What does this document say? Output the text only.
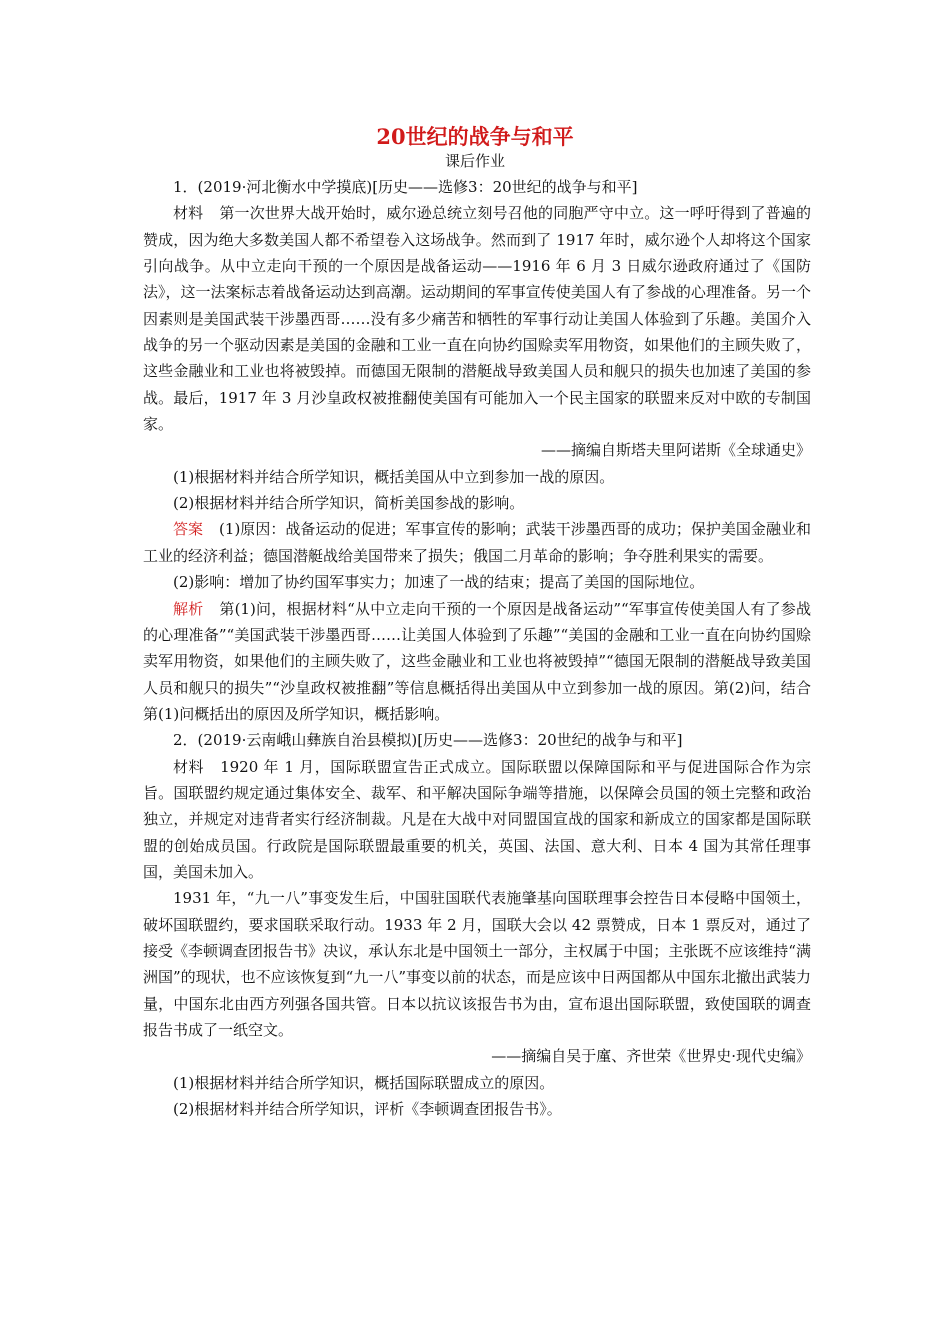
20世纪的战争与和平
课后作业

1．(2019·河北衡水中学摸底)[历史——选修3：20世纪的战争与和平]

材料 第一次世界大战开始时，威尔逊总统立刻号召他的同胞严守中立。这一呼吁得到了普遍的赞成，因为绝大多数美国人都不希望卷入这场战争。然而到了 1917 年时，威尔逊个人却将这个国家引向战争。从中立走向干预的一个原因是战备运动——1916 年 6 月 3 日威尔逊政府通过了《国防法》，这一法案标志着战备运动达到高潮。运动期间的军事宣传使美国人有了参战的心理准备。另一个因素则是美国武装干涉墨西哥……没有多少痛苦和牺牲的军事行动让美国人体验到了乐趣。美国介入战争的另一个驱动因素是美国的金融和工业一直在向协约国赊卖军用物资，如果他们的主顾失败了，这些金融业和工业也将被毁掉。而德国无限制的潜艇战导致美国人员和舰只的损失也加速了美国的参战。最后，1917 年 3 月沙皇政权被推翻使美国有可能加入一个民主国家的联盟来反对中欧的专制国家。

——摘编自斯塔夫里阿诺斯《全球通史》

(1)根据材料并结合所学知识，概括美国从中立到参加一战的原因。

(2)根据材料并结合所学知识，简析美国参战的影响。

答案 (1)原因：战备运动的促进；军事宣传的影响；武装干涉墨西哥的成功；保护美国金融业和工业的经济利益；德国潜艇战给美国带来了损失；俄国二月革命的影响；争夺胜利果实的需要。

(2)影响：增加了协约国军事实力；加速了一战的结束；提高了美国的国际地位。

解析 第(1)问，根据材料“从中立走向干预的一个原因是战备运动”“军事宣传使美国人有了参战的心理准备”“美国武装干涉墨西哥……让美国人体验到了乐趣”“美国的金融和工业一直在向协约国赊卖军用物资，如果他们的主顾失败了，这些金融业和工业也将被毁掉”“德国无限制的潜艇战导致美国人员和舰只的损失”“沙皇政权被推翻”等信息概括得出美国从中立到参加一战的原因。第(2)问，结合第(1)问概括出的原因及所学知识，概括影响。

2．(2019·云南峨山彝族自治县模拟)[历史——选修3：20世纪的战争与和平]

材料 1920 年 1 月，国际联盟宣告正式成立。国际联盟以保障国际和平与促进国际合作为宗旨。国联盟约规定通过集体安全、裁军、和平解决国际争端等措施，以保障会员国的领土完整和政治独立，并规定对违背者实行经济制裁。凡是在大战中对同盟国宣战的国家和新成立的国家都是国际联盟的创始成员国。行政院是国际联盟最重要的机关，英国、法国、意大利、日本 4 国为其常任理事国，美国未加入。

1931 年，“九一八”事变发生后，中国驻国联代表施肇基向国联理事会控告日本侵略中国领土，破坏国联盟约，要求国联采取行动。1933 年 2 月，国联大会以 42 票赞成，日本 1 票反对，通过了接受《李顿调查团报告书》决议，承认东北是中国领土一部分，主权属于中国；主张既不应该维持“满洲国”的现状，也不应该恢复到“九一八”事变以前的状态，而是应该中日两国都从中国东北撤出武装力量，中国东北由西方列强各国共管。日本以抗议该报告书为由，宣布退出国际联盟，致使国联的调查报告书成了一纸空文。

——摘编自吴于廑、齐世荣《世界史·现代史编》

(1)根据材料并结合所学知识，概括国际联盟成立的原因。

(2)根据材料并结合所学知识，评析《李顿调查团报告书》。
